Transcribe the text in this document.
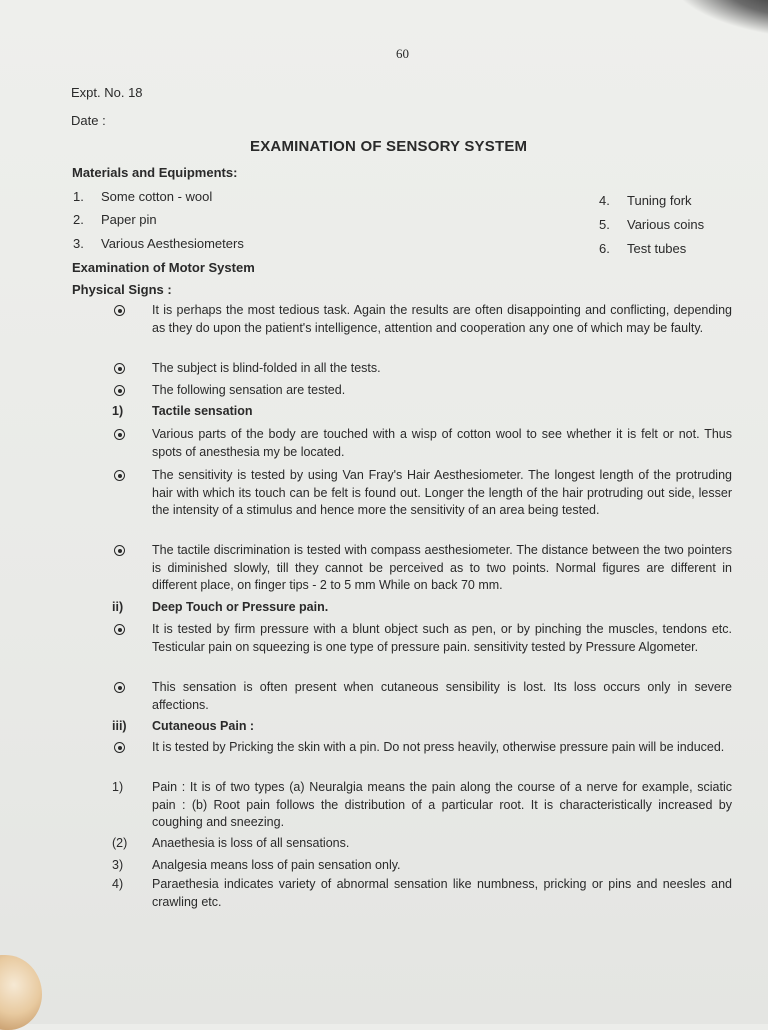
60
Expt. No. 18
Date :
EXAMINATION OF SENSORY SYSTEM
Materials and Equipments:
1. Some cotton - wool
2. Paper pin
3. Various Aesthesiometers
4. Tuning fork
5. Various coins
6. Test tubes
Examination of Motor System
Physical Signs :
It is perhaps the most tedious task. Again the results are often disappointing and conflicting, depending as they do upon the patient's intelligence, attention and cooperation any one of which may be faulty.
The subject is blind-folded in all the tests.
The following sensation are tested.
1)	Tactile sensation
Various parts of the body are touched with a wisp of cotton wool to see whether it is felt or not. Thus spots of anesthesia my be located.
The sensitivity is tested by using Van Fray's Hair Aesthesiometer. The longest length of the protruding hair with which its touch can be felt is found out. Longer the length of the hair protruding out side, lesser the intensity of a stimulus and hence more the sensitivity of an area being tested.
The tactile discrimination is tested with compass aesthesiometer. The distance between the two pointers is diminished slowly, till they cannot be perceived as to two points. Normal figures are different in different place, on finger tips - 2 to 5 mm While on back 70 mm.
ii)	Deep Touch or Pressure pain.
It is tested by firm pressure with a blunt object such as pen, or by pinching the muscles, tendons etc. Testicular pain on squeezing is one type of pressure pain. sensitivity tested by Pressure Algometer.
This sensation is often present when cutaneous sensibility is lost. Its loss occurs only in severe affections.
iii)	Cutaneous Pain :
It is tested by Pricking the skin with a pin. Do not press heavily, otherwise pressure pain will be induced.
1)	Pain : It is of two types (a) Neuralgia means the pain along the course of a nerve for example, sciatic pain : (b) Root pain follows the distribution of a particular root. It is characteristically increased by coughing and sneezing.
(2)	Anaethesia is loss of all sensations.
3)	Analgesia means loss of pain sensation only.
4)	Paraethesia indicates variety of abnormal sensation like numbness, pricking or pins and neesles and crawling etc.
